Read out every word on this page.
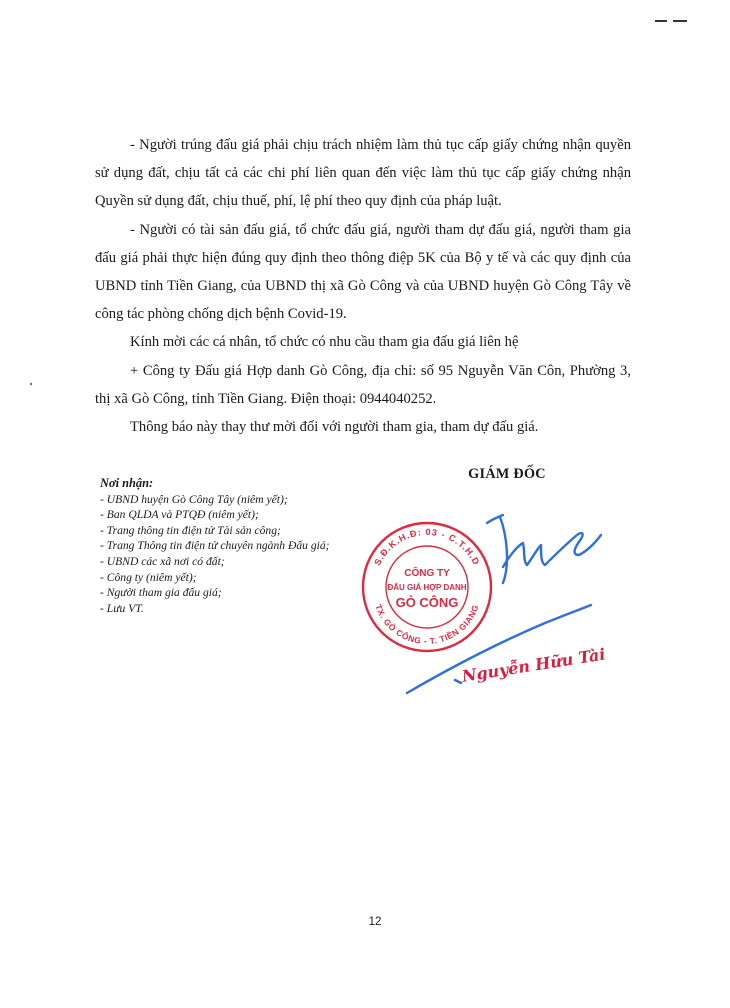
- Người trúng đấu giá phải chịu trách nhiệm làm thủ tục cấp giấy chứng nhận quyền sử dụng đất, chịu tất cả các chi phí liên quan đến việc làm thủ tục cấp giấy chứng nhận Quyền sử dụng đất, chịu thuế, phí, lệ phí theo quy định của pháp luật.

- Người có tài sản đấu giá, tổ chức đấu giá, người tham dự đấu giá, người tham gia đấu giá phải thực hiện đúng quy định theo thông điệp 5K của Bộ y tế và các quy định của UBND tỉnh Tiền Giang, của UBND thị xã Gò Công và của UBND huyện Gò Công Tây về công tác phòng chống dịch bệnh Covid-19.

Kính mời các cá nhân, tổ chức có nhu cầu tham gia đấu giá liên hệ

+ Công ty Đấu giá Hợp danh Gò Công, địa chỉ: số 95 Nguyễn Văn Côn, Phường 3, thị xã Gò Công, tỉnh Tiền Giang. Điện thoại: 0944040252.

Thông báo này thay thư mời đối với người tham gia, tham dự đấu giá.

Nơi nhận:
- UBND huyện Gò Công Tây (niêm yết);
- Ban QLDA và PTQĐ (niêm yết);
- Trang thông tin điện tử Tài sản công;
- Trang Thông tin điện tử chuyên ngành Đấu giá;
- UBND các xã nơi có đất;
- Công ty (niêm yết);
- Người tham gia đấu giá;
- Lưu VT.
GIÁM ĐỐC
S.Đ.K.H.Đ: 03 - C.T.H.D
TX. GÒ CÔNG - T. TIỀN GIANG
CÔNG TY
ĐẤU GIÁ HỢP DANH
GÒ CÔNG
Nguyễn Hữu Tài
12
